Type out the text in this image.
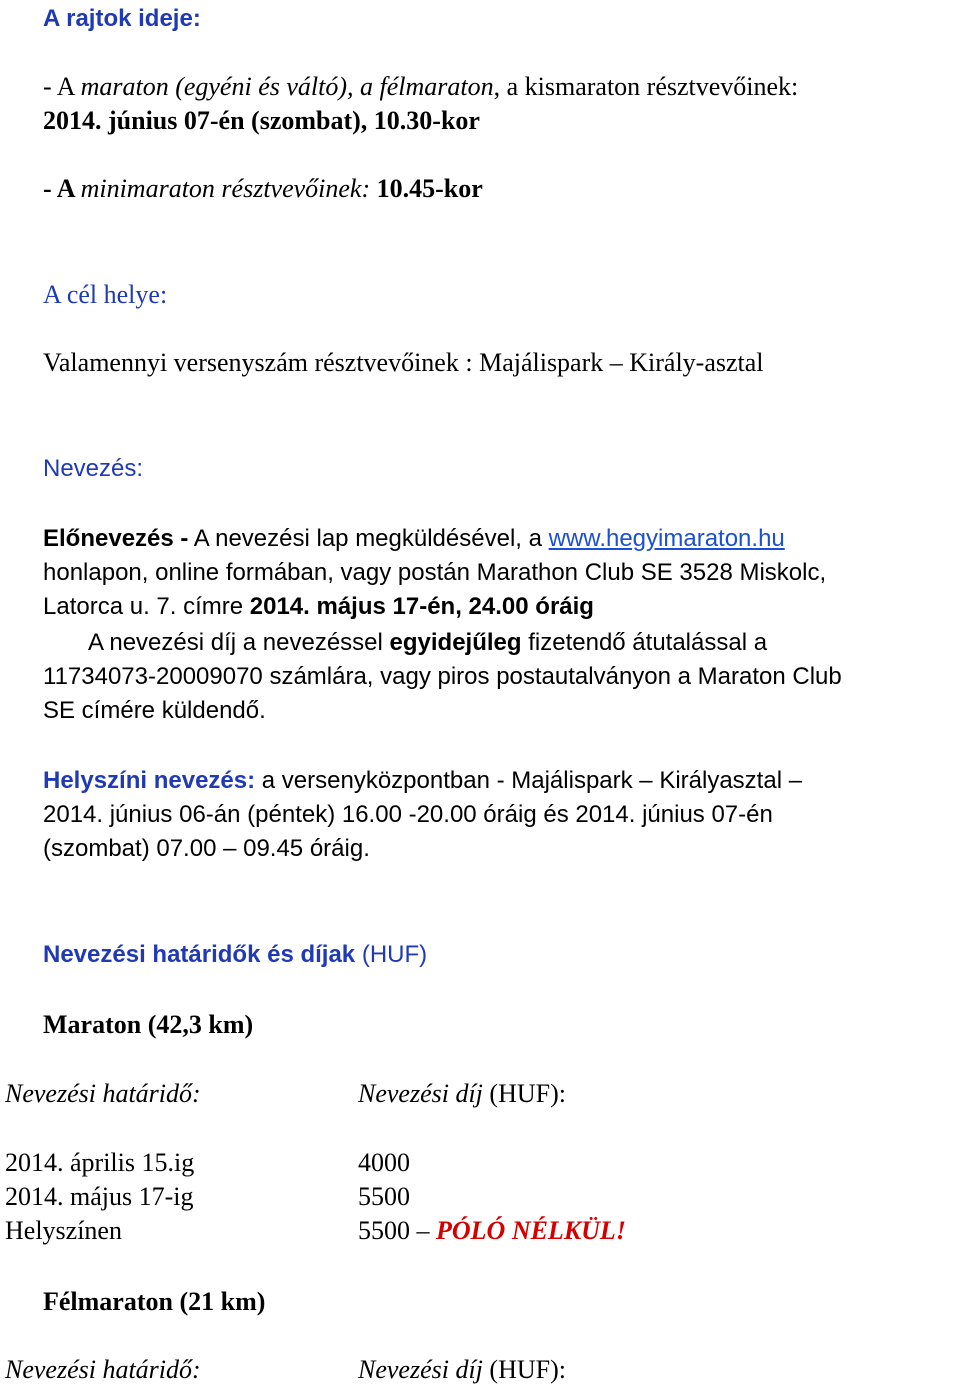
A rajtok ideje:
- A maraton (egyéni és váltó), a félmaraton, a kismaraton résztvevőinek:
2014. június 07-én (szombat), 10.30-kor
- A minimaraton résztvevőinek: 10.45-kor
A cél helye:
Valamennyi versenyszám résztvevőinek : Majálispark – Király-asztal
Nevezés:
Előnevezés - A nevezési lap megküldésével, a www.hegyimaraton.hu
honlapon, online formában, vagy postán Marathon Club SE 3528 Miskolc,
Latorca u. 7. címre 2014. május 17-én, 24.00 óráig
A nevezési díj a nevezéssel egyidejűleg fizetendő átutalással a
11734073-20009070 számlára, vagy piros postautalványon a Maraton Club
SE címére küldendő.
Helyszíni nevezés: a versenyközpontban - Majálispark – Királyasztal –
2014. június 06-án (péntek) 16.00 -20.00 óráig és 2014. június 07-én
(szombat) 07.00 – 09.45 óráig.
Nevezési határidők és díjak (HUF)
Maraton (42,3 km)
Nevezési határidő:	Nevezési díj (HUF):
2014. április 15.ig	4000
2014. május 17-ig	5500
Helyszínen	5500 – PÓLÓ NÉLKÜL!
Félmaraton (21 km)
Nevezési határidő:	Nevezési díj (HUF):
